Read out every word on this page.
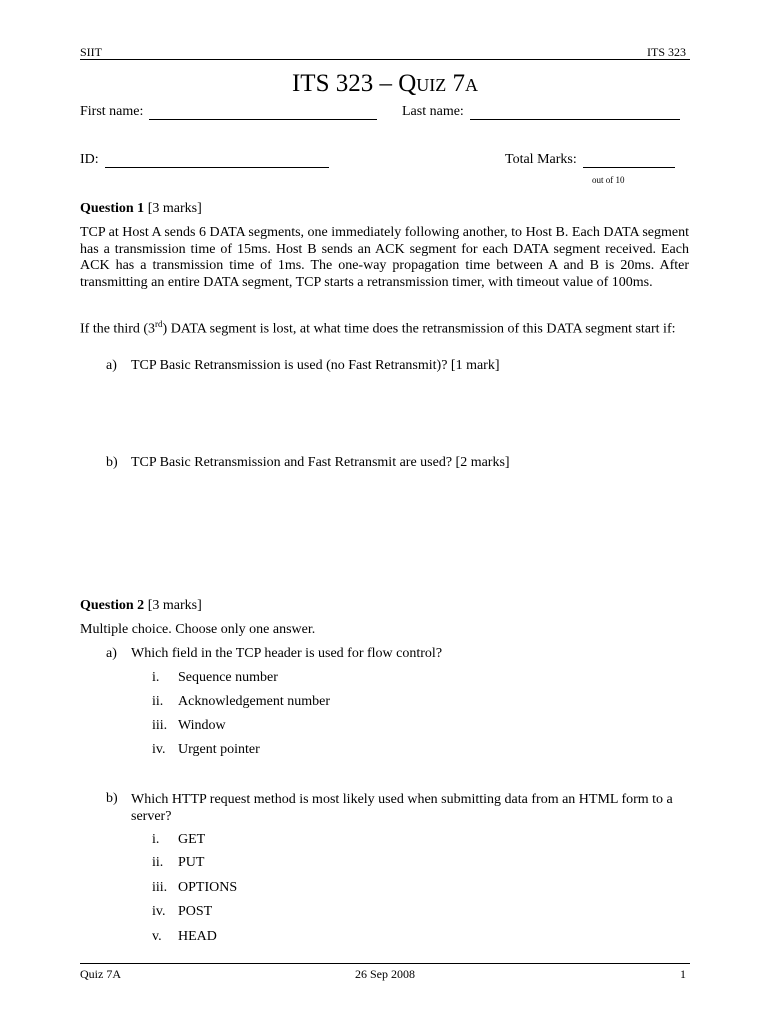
SIIT	ITS 323
ITS 323 – QUIZ 7A
First name:	Last name:
ID:	Total Marks:
out of 10
Question 1 [3 marks]
TCP at Host A sends 6 DATA segments, one immediately following another, to Host B. Each DATA segment has a transmission time of 15ms. Host B sends an ACK segment for each DATA segment received. Each ACK has a transmission time of 1ms. The one-way propagation time between A and B is 20ms. After transmitting an entire DATA segment, TCP starts a retransmission timer, with timeout value of 100ms.
If the third (3rd) DATA segment is lost, at what time does the retransmission of this DATA segment start if:
a) TCP Basic Retransmission is used (no Fast Retransmit)? [1 mark]
b) TCP Basic Retransmission and Fast Retransmit are used? [2 marks]
Question 2 [3 marks]
Multiple choice. Choose only one answer.
a) Which field in the TCP header is used for flow control?
i. Sequence number
ii. Acknowledgement number
iii. Window
iv. Urgent pointer
b) Which HTTP request method is most likely used when submitting data from an HTML form to a server?
i. GET
ii. PUT
iii. OPTIONS
iv. POST
v. HEAD
Quiz 7A	26 Sep 2008	1
